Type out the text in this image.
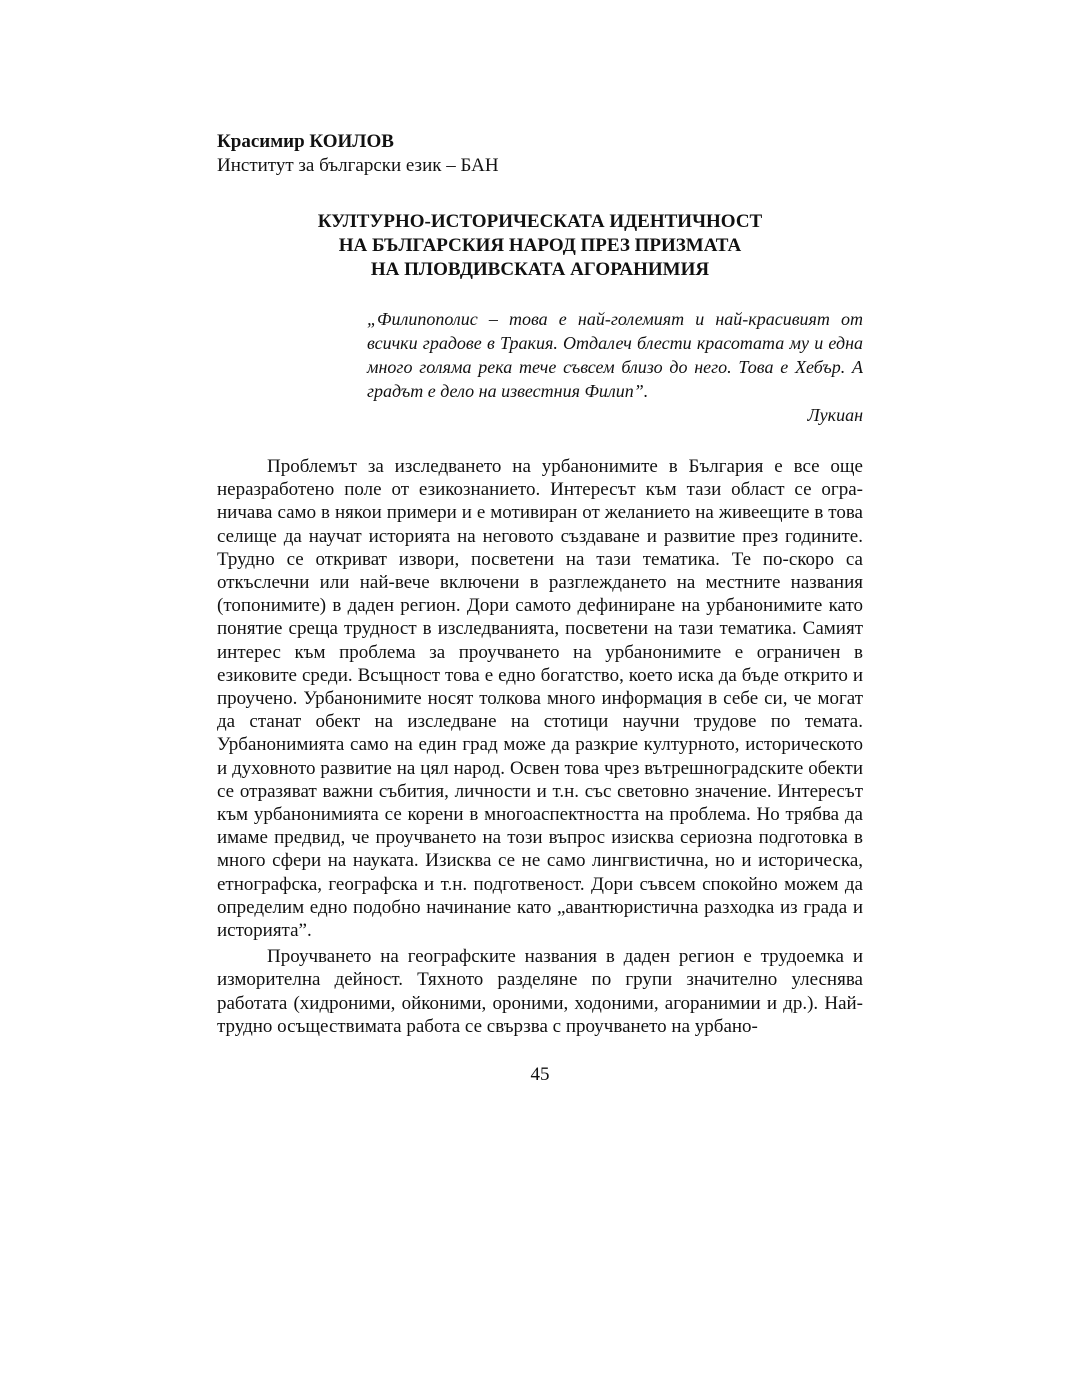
Красимир КОИЛОВ

Институт за български език – БАН

КУЛТУРНО-ИСТОРИЧЕСКАТА ИДЕНТИЧНОСТ
НА БЪЛГАРСКИЯ НАРОД ПРЕЗ ПРИЗМАТА
НА ПЛОВДИВСКАТА АГОРАНИМИЯ

„Филипополис – това е най-големият и най-красивият от всички градове в Тракия. Отдалеч блести красотата му и една много голяма река тече съвсем близо до него. Това е Хебър. А градът е дело на известния Филип”.

Лукиан

Проблемът за изследването на урбанонимите в България е все още неразработено поле от езикознанието. Интересът към тази област се ограничава само в някои примери и е мотивиран от желанието на живеещите в това селище да научат историята на неговото създаване и развитие през годините. Трудно се откриват извори, посветени на тази тематика. Те по-скоро са откъслечни или най-вече включени в разглеждането на местните названия (топонимите) в даден регион. Дори самото дефиниране на урбанонимите като понятие среща трудност в изследванията, посветени на тази тематика. Самият интерес към проблема за проучването на урбанонимите е ограничен в езиковите среди. Всъщност това е едно богатство, което иска да бъде открито и проучено. Урбанонимите носят толкова много информация в себе си, че могат да станат обект на изследване на стотици научни трудове по темата. Урбанонимията само на един град може да разкрие културното, историческото и духовното развитие на цял народ. Освен това чрез вътрешноградските обекти се отразяват важни събития, личности и т.н. със световно значение. Интересът към урбанонимията се корени в многоаспектността на проблема. Но трябва да имаме предвид, че проучването на този въпрос изисква сериозна подготовка в много сфери на науката. Изисква се не само лингвистична, но и историческа, етнографска, географска и т.н. подготвеност. Дори съвсем спокойно можем да определим едно подобно начинание като „авантюристична разходка из града и историята”.

Проучването на географските названия в даден регион е трудоемка и изморителна дейност. Тяхното разделяне по групи значително улеснява работата (хидроними, ойконими, ороними, ходоними, агоранимии и др.). Най-трудно осъществимата работа се свързва с проучването на урбано-

45
